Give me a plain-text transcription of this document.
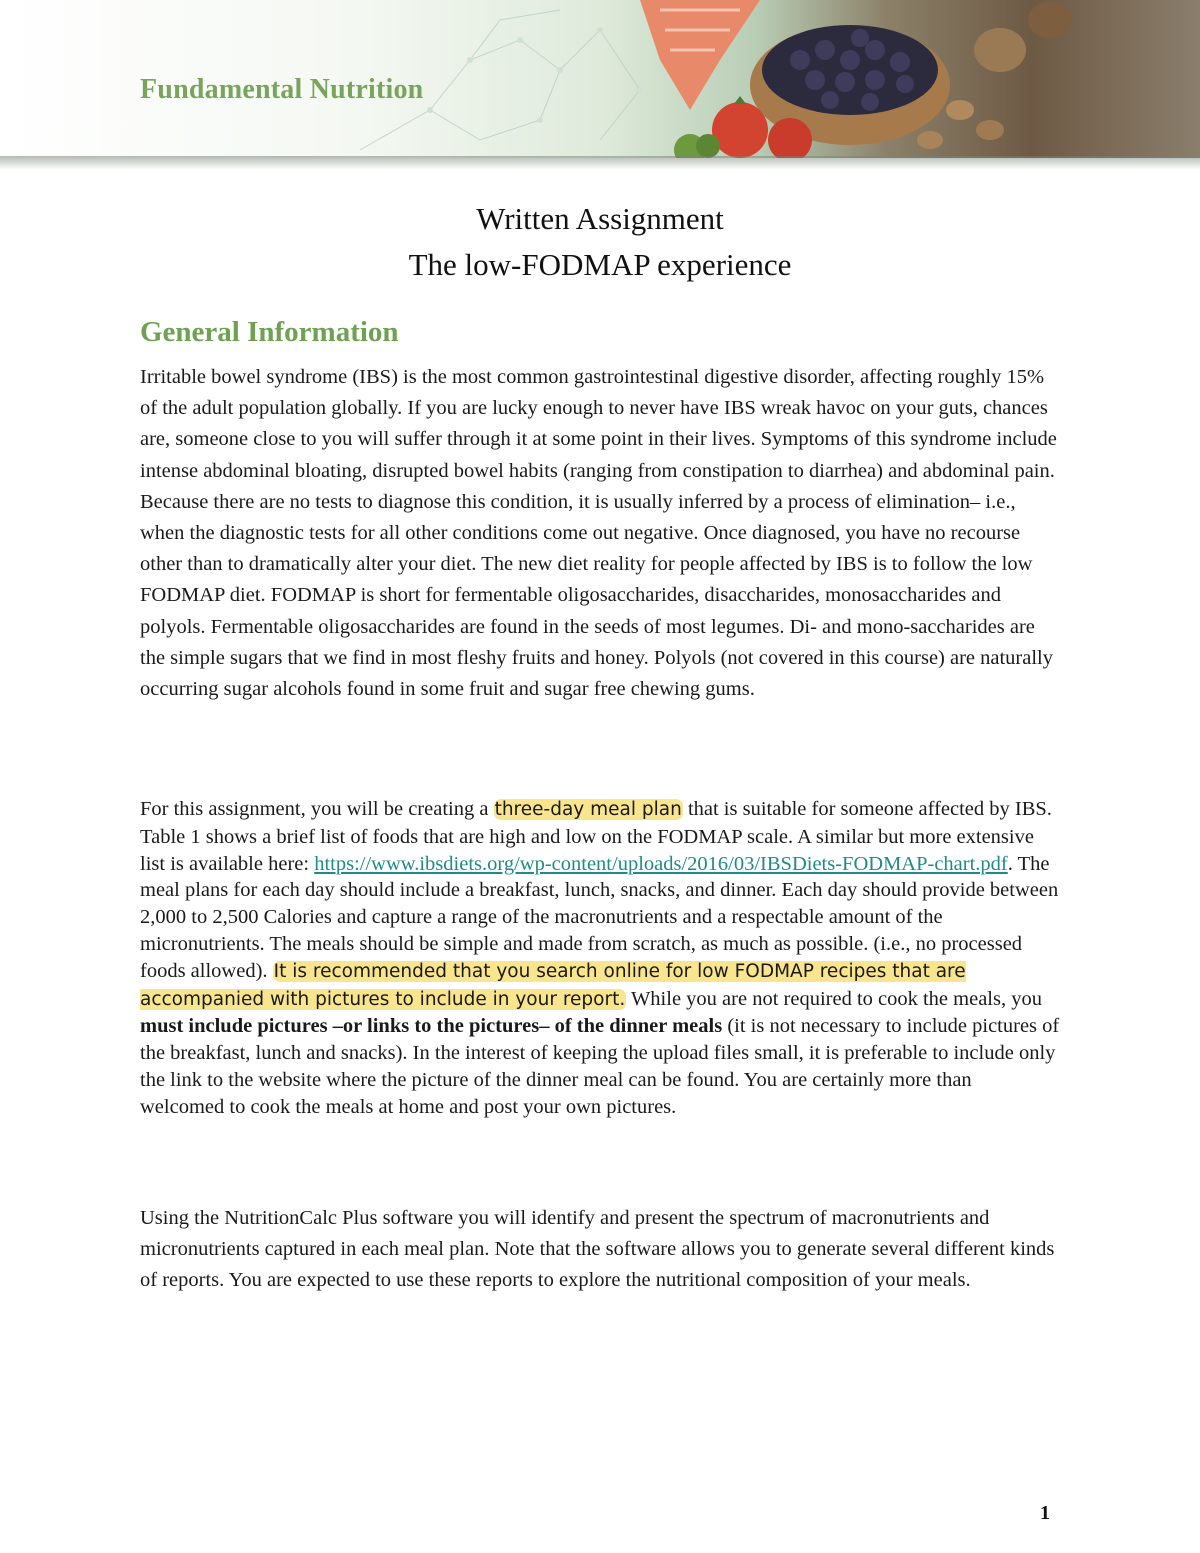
Fundamental Nutrition
Written Assignment
The low-FODMAP experience
General Information

Irritable bowel syndrome (IBS) is the most common gastrointestinal digestive disorder, affecting roughly 15% of the adult population globally. If you are lucky enough to never have IBS wreak havoc on your guts, chances are, someone close to you will suffer through it at some point in their lives. Symptoms of this syndrome include intense abdominal bloating, disrupted bowel habits (ranging from constipation to diarrhea) and abdominal pain. Because there are no tests to diagnose this condition, it is usually inferred by a process of elimination– i.e., when the diagnostic tests for all other conditions come out negative. Once diagnosed, you have no recourse other than to dramatically alter your diet. The new diet reality for people affected by IBS is to follow the low FODMAP diet. FODMAP is short for fermentable oligosaccharides, disaccharides, monosaccharides and polyols. Fermentable oligosaccharides are found in the seeds of most legumes. Di- and mono-saccharides are the simple sugars that we find in most fleshy fruits and honey. Polyols (not covered in this course) are naturally occurring sugar alcohols found in some fruit and sugar free chewing gums.

For this assignment, you will be creating a three-day meal plan that is suitable for someone affected by IBS. Table 1 shows a brief list of foods that are high and low on the FODMAP scale. A similar but more extensive list is available here: https://www.ibsdiets.org/wp-content/uploads/2016/03/IBSDiets-FODMAP-chart.pdf. The meal plans for each day should include a breakfast, lunch, snacks, and dinner. Each day should provide between 2,000 to 2,500 Calories and capture a range of the macronutrients and a respectable amount of the micronutrients. The meals should be simple and made from scratch, as much as possible. (i.e., no processed foods allowed). It is recommended that you search online for low FODMAP recipes that are accompanied with pictures to include in your report. While you are not required to cook the meals, you must include pictures –or links to the pictures– of the dinner meals (it is not necessary to include pictures of the breakfast, lunch and snacks). In the interest of keeping the upload files small, it is preferable to include only the link to the website where the picture of the dinner meal can be found. You are certainly more than welcomed to cook the meals at home and post your own pictures.

Using the NutritionCalc Plus software you will identify and present the spectrum of macronutrients and micronutrients captured in each meal plan. Note that the software allows you to generate several different kinds of reports. You are expected to use these reports to explore the nutritional composition of your meals.

1
